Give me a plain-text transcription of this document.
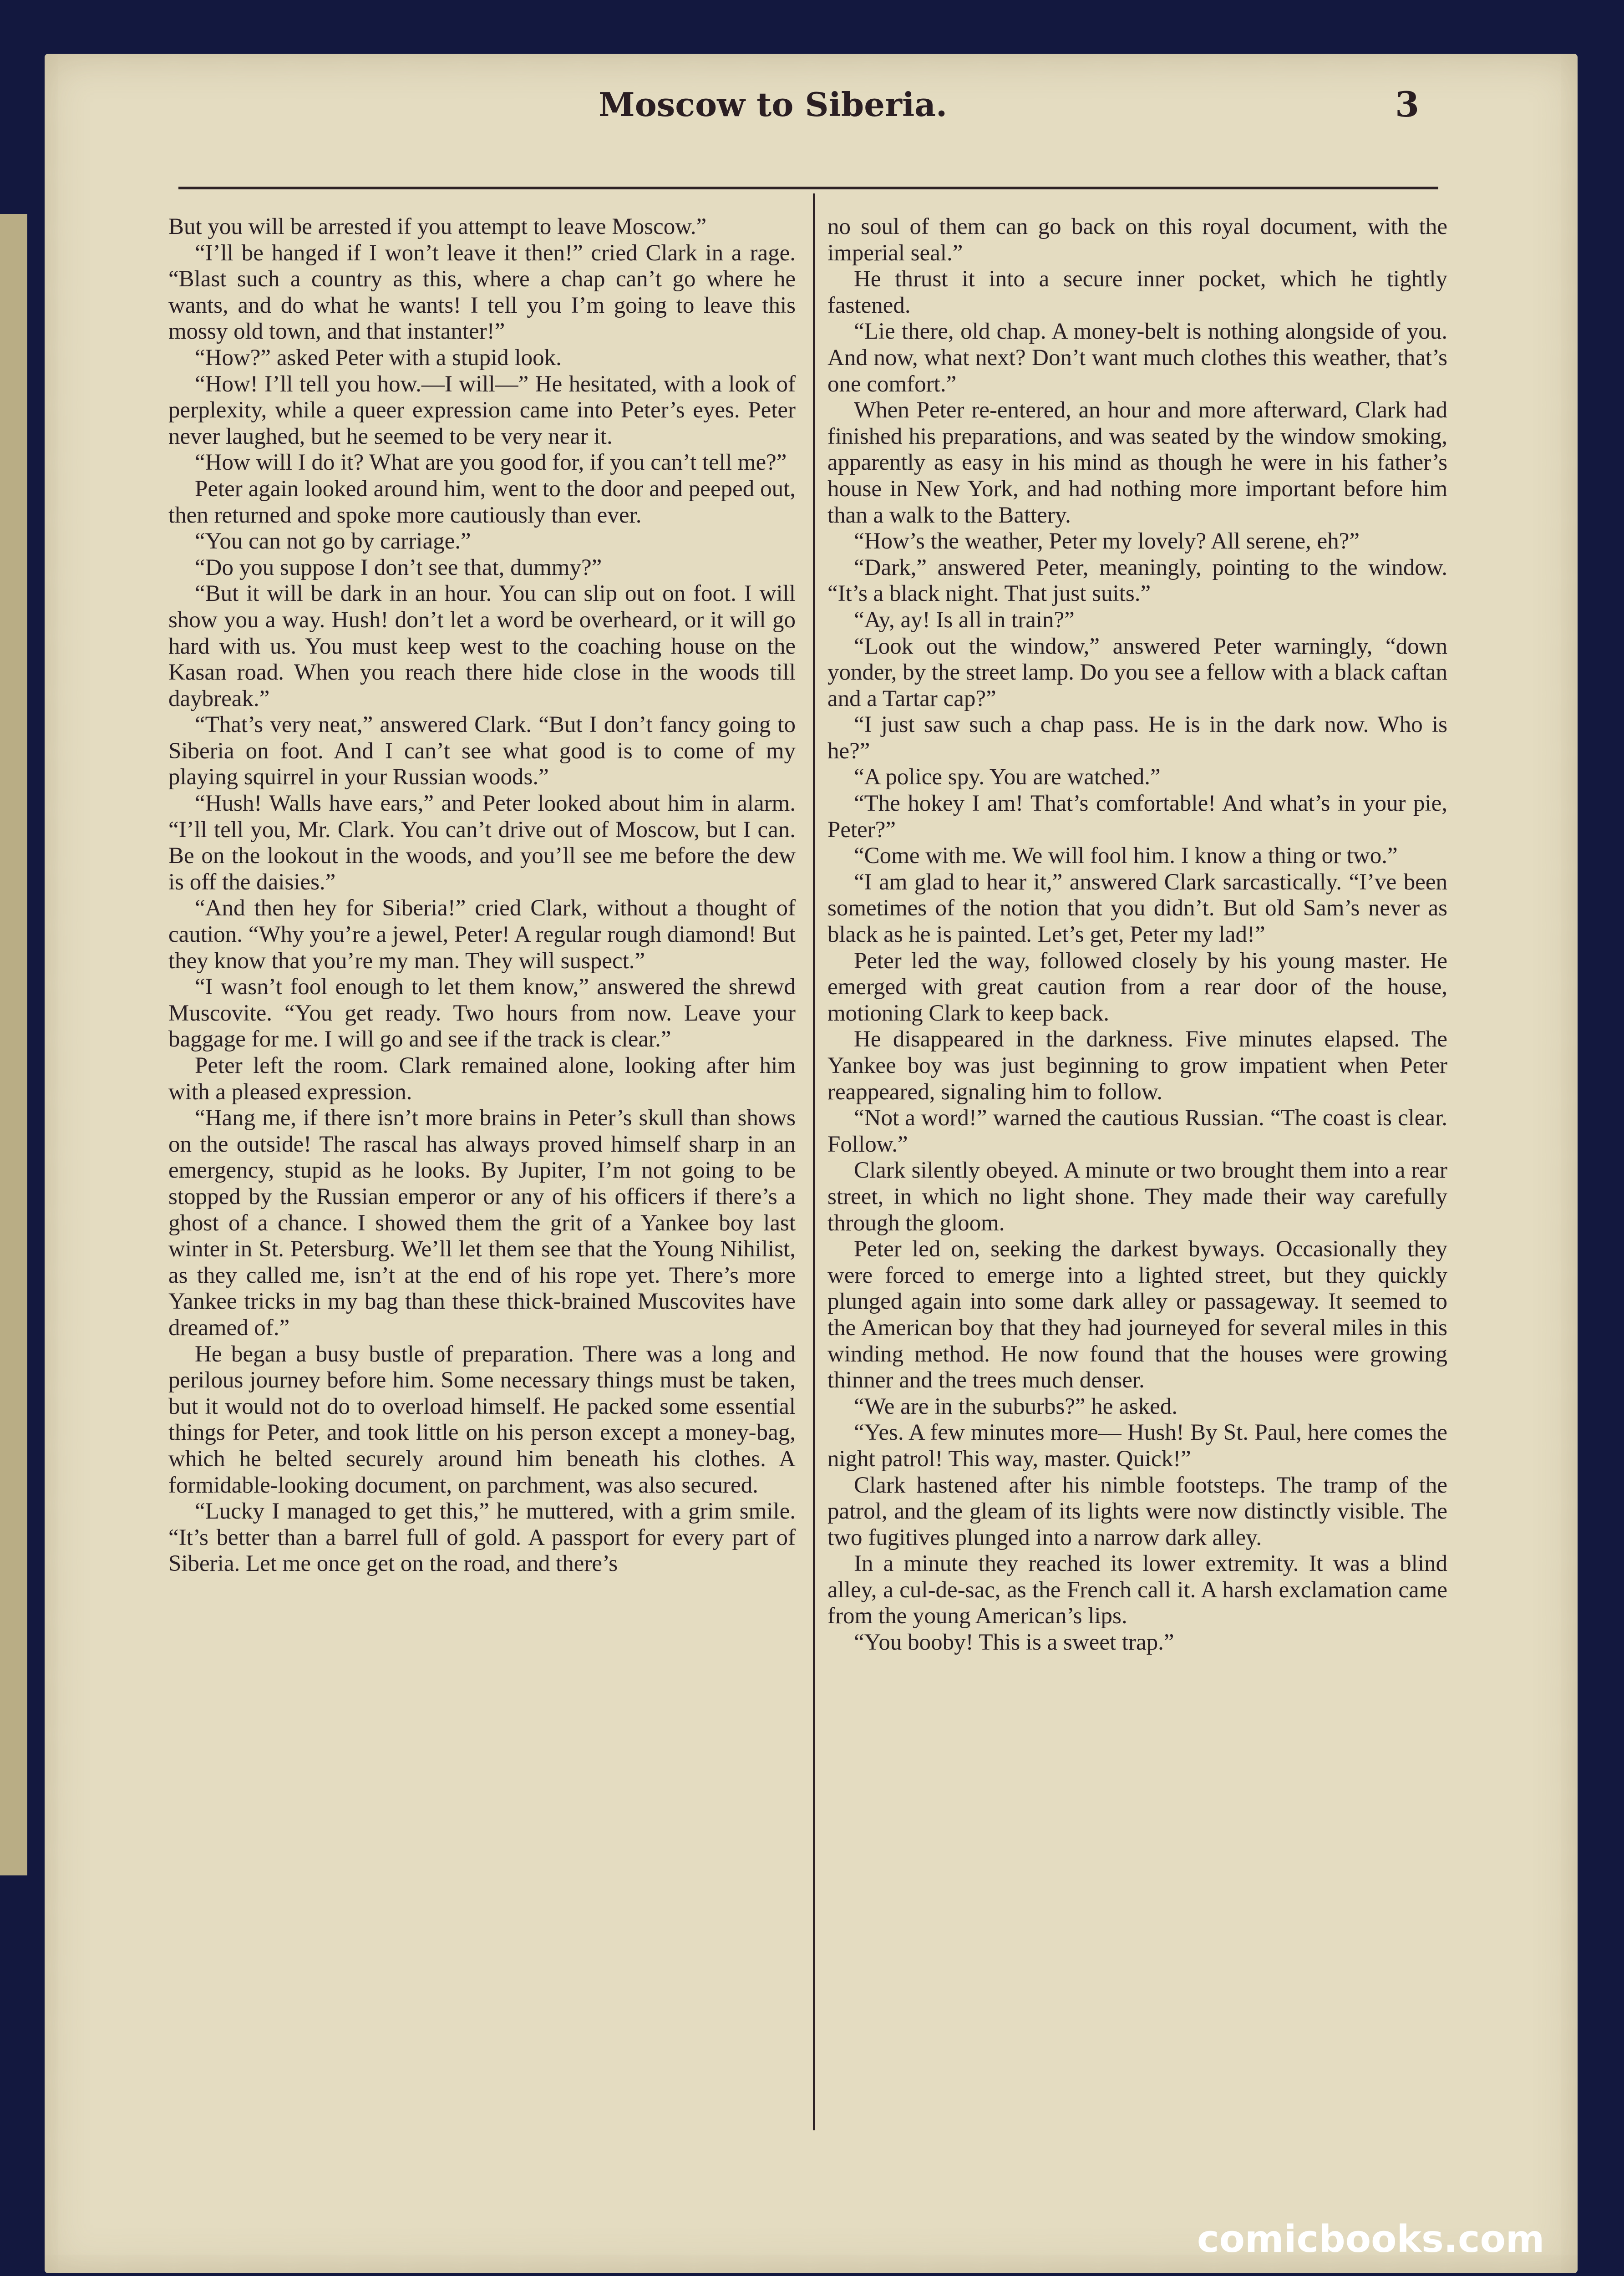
Moscow to Siberia.	3

But you will be arrested if you attempt to leave Moscow.”

“I’ll be hanged if I won’t leave it then!” cried Clark in a rage. “Blast such a country as this, where a chap can’t go where he wants, and do what he wants! I tell you I’m going to leave this mossy old town, and that instanter!”

“How?” asked Peter with a stupid look.

“How! I’ll tell you how.—I will—” He hesitated, with a look of perplexity, while a queer expression came into Peter’s eyes. Peter never laughed, but he seemed to be very near it.

“How will I do it? What are you good for, if you can’t tell me?”

Peter again looked around him, went to the door and peeped out, then returned and spoke more cautiously than ever.

“You can not go by carriage.”

“Do you suppose I don’t see that, dummy?”

“But it will be dark in an hour. You can slip out on foot. I will show you a way. Hush! don’t let a word be overheard, or it will go hard with us. You must keep west to the coaching house on the Kasan road. When you reach there hide close in the woods till daybreak.”

“That’s very neat,” answered Clark. “But I don’t fancy going to Siberia on foot. And I can’t see what good is to come of my playing squirrel in your Russian woods.”

“Hush! Walls have ears,” and Peter looked about him in alarm. “I’ll tell you, Mr. Clark. You can’t drive out of Moscow, but I can. Be on the lookout in the woods, and you’ll see me before the dew is off the daisies.”

“And then hey for Siberia!” cried Clark, without a thought of caution. “Why you’re a jewel, Peter! A regular rough diamond! But they know that you’re my man. They will suspect.”

“I wasn’t fool enough to let them know,” answered the shrewd Muscovite. “You get ready. Two hours from now. Leave your baggage for me. I will go and see if the track is clear.”

Peter left the room. Clark remained alone, looking after him with a pleased expression.

“Hang me, if there isn’t more brains in Peter’s skull than shows on the outside! The rascal has always proved himself sharp in an emergency, stupid as he looks. By Jupiter, I’m not going to be stopped by the Russian emperor or any of his officers if there’s a ghost of a chance. I showed them the grit of a Yankee boy last winter in St. Petersburg. We’ll let them see that the Young Nihilist, as they called me, isn’t at the end of his rope yet. There’s more Yankee tricks in my bag than these thick-brained Muscovites have dreamed of.”

He began a busy bustle of preparation. There was a long and perilous journey before him. Some necessary things must be taken, but it would not do to overload himself. He packed some essential things for Peter, and took little on his person except a money-bag, which he belted securely around him beneath his clothes. A formidable-looking document, on parchment, was also secured.

“Lucky I managed to get this,” he muttered, with a grim smile. “It’s better than a barrel full of gold. A passport for every part of Siberia. Let me once get on the road, and there’s

no soul of them can go back on this royal document, with the imperial seal.”

He thrust it into a secure inner pocket, which he tightly fastened.

“Lie there, old chap. A money-belt is nothing alongside of you. And now, what next? Don’t want much clothes this weather, that’s one comfort.”

When Peter re-entered, an hour and more afterward, Clark had finished his preparations, and was seated by the window smoking, apparently as easy in his mind as though he were in his father’s house in New York, and had nothing more important before him than a walk to the Battery.

“How’s the weather, Peter my lovely? All serene, eh?”

“Dark,” answered Peter, meaningly, pointing to the window. “It’s a black night. That just suits.”

“Ay, ay! Is all in train?”

“Look out the window,” answered Peter warningly, “down yonder, by the street lamp. Do you see a fellow with a black caftan and a Tartar cap?”

“I just saw such a chap pass. He is in the dark now. Who is he?”

“A police spy. You are watched.”

“The hokey I am! That’s comfortable! And what’s in your pie, Peter?”

“Come with me. We will fool him. I know a thing or two.”

“I am glad to hear it,” answered Clark sarcastically. “I’ve been sometimes of the notion that you didn’t. But old Sam’s never as black as he is painted. Let’s get, Peter my lad!”

Peter led the way, followed closely by his young master. He emerged with great caution from a rear door of the house, motioning Clark to keep back.

He disappeared in the darkness. Five minutes elapsed. The Yankee boy was just beginning to grow impatient when Peter reappeared, signaling him to follow.

“Not a word!” warned the cautious Russian. “The coast is clear. Follow.”

Clark silently obeyed. A minute or two brought them into a rear street, in which no light shone. They made their way carefully through the gloom.

Peter led on, seeking the darkest byways. Occasionally they were forced to emerge into a lighted street, but they quickly plunged again into some dark alley or passageway. It seemed to the American boy that they had journeyed for several miles in this winding method. He now found that the houses were growing thinner and the trees much denser.

“We are in the suburbs?” he asked.

“Yes. A few minutes more— Hush! By St. Paul, here comes the night patrol! This way, master. Quick!”

Clark hastened after his nimble footsteps. The tramp of the patrol, and the gleam of its lights were now distinctly visible. The two fugitives plunged into a narrow dark alley.

In a minute they reached its lower extremity. It was a blind alley, a cul-de-sac, as the French call it. A harsh exclamation came from the young American’s lips.

“You booby! This is a sweet trap.”

comicbooks.com
